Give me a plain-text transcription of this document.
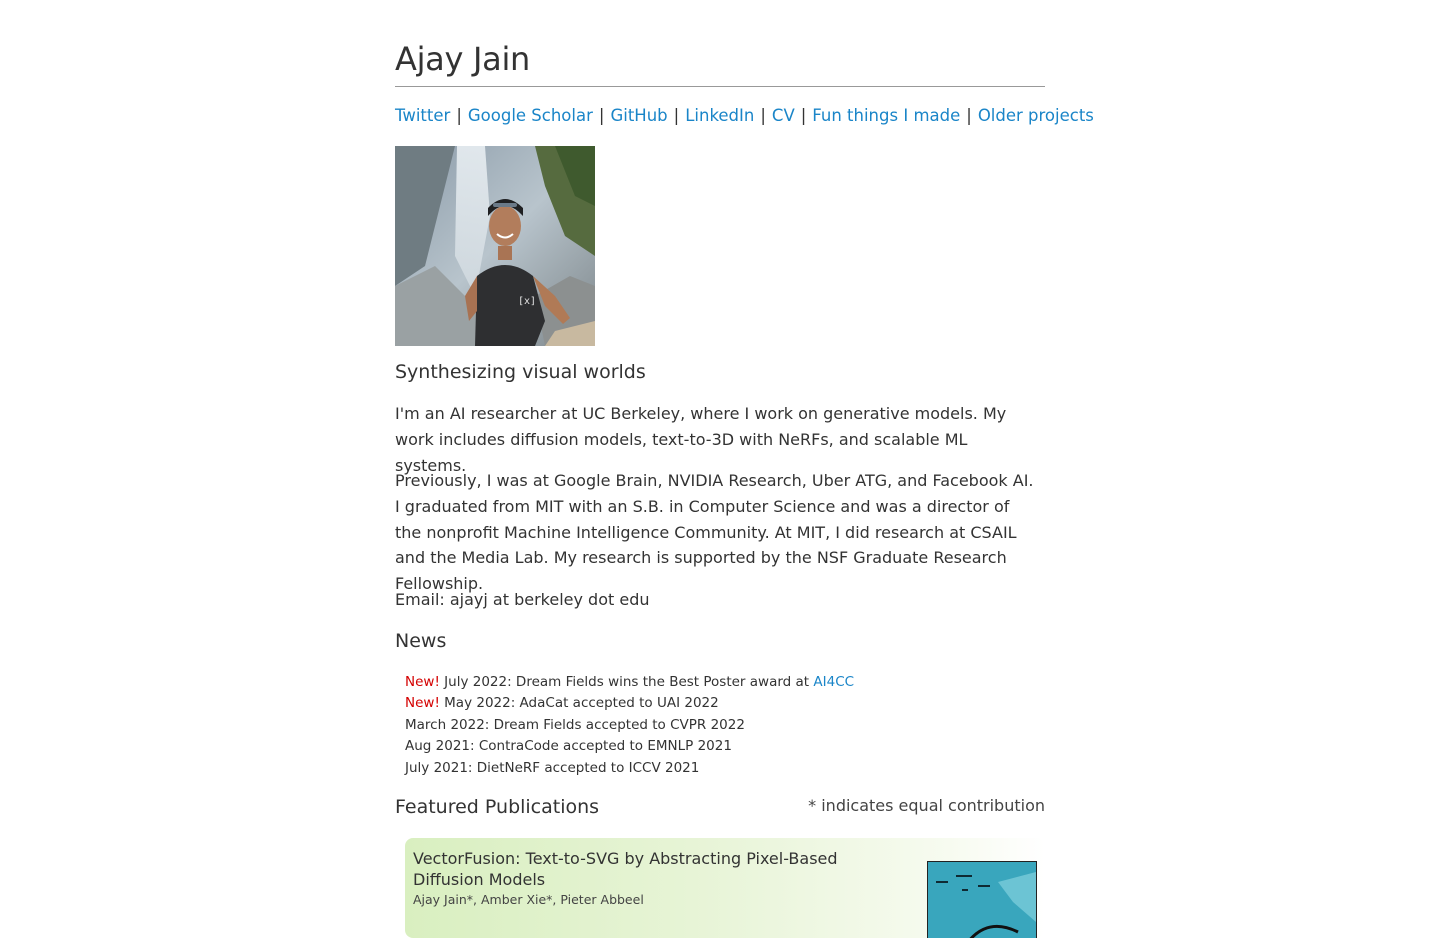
Ajay Jain
Twitter | Google Scholar | GitHub | LinkedIn | CV | Fun things I made | Older projects
[x]
Synthesizing visual worlds
I'm an AI researcher at UC Berkeley, where I work on generative models. My work includes diffusion models, text-to-3D with NeRFs, and scalable ML systems.
Previously, I was at Google Brain, NVIDIA Research, Uber ATG, and Facebook AI. I graduated from MIT with an S.B. in Computer Science and was a director of the nonprofit Machine Intelligence Community. At MIT, I did research at CSAIL and the Media Lab. My research is supported by the NSF Graduate Research Fellowship.
Email: ajayj at berkeley dot edu
News
New! July 2022: Dream Fields wins the Best Poster award at AI4CC
New! May 2022: AdaCat accepted to UAI 2022
March 2022: Dream Fields accepted to CVPR 2022
Aug 2021: ContraCode accepted to EMNLP 2021
July 2021: DietNeRF accepted to ICCV 2021
Featured Publications	* indicates equal contribution
VectorFusion: Text-to-SVG by Abstracting Pixel-Based Diffusion Models
Ajay Jain*, Amber Xie*, Pieter Abbeel
